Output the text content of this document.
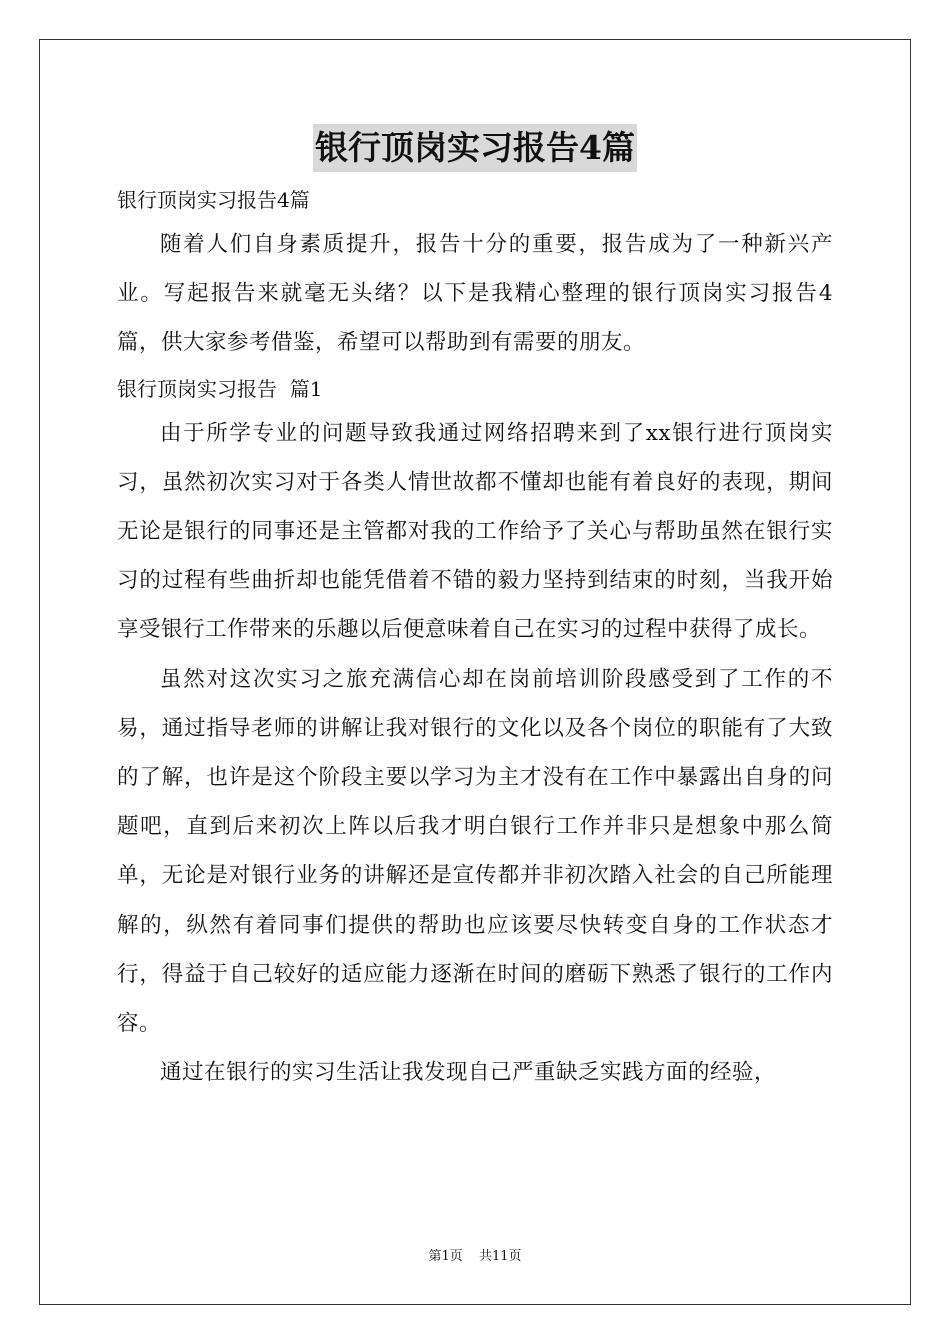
银行顶岗实习报告4篇

银行顶岗实习报告4篇

随着人们自身素质提升，报告十分的重要，报告成为了一种新兴产业。写起报告来就毫无头绪？以下是我精心整理的银行顶岗实习报告4篇，供大家参考借鉴，希望可以帮助到有需要的朋友。

银行顶岗实习报告  篇1

由于所学专业的问题导致我通过网络招聘来到了xx银行进行顶岗实习，虽然初次实习对于各类人情世故都不懂却也能有着良好的表现，期间无论是银行的同事还是主管都对我的工作给予了关心与帮助虽然在银行实习的过程有些曲折却也能凭借着不错的毅力坚持到结束的时刻，当我开始享受银行工作带来的乐趣以后便意味着自己在实习的过程中获得了成长。

虽然对这次实习之旅充满信心却在岗前培训阶段感受到了工作的不易，通过指导老师的讲解让我对银行的文化以及各个岗位的职能有了大致的了解，也许是这个阶段主要以学习为主才没有在工作中暴露出自身的问题吧，直到后来初次上阵以后我才明白银行工作并非只是想象中那么简单，无论是对银行业务的讲解还是宣传都并非初次踏入社会的自己所能理解的，纵然有着同事们提供的帮助也应该要尽快转变自身的工作状态才行，得益于自己较好的适应能力逐渐在时间的磨砺下熟悉了银行的工作内容。

通过在银行的实习生活让我发现自己严重缺乏实践方面的经验，

第1页 共11页
